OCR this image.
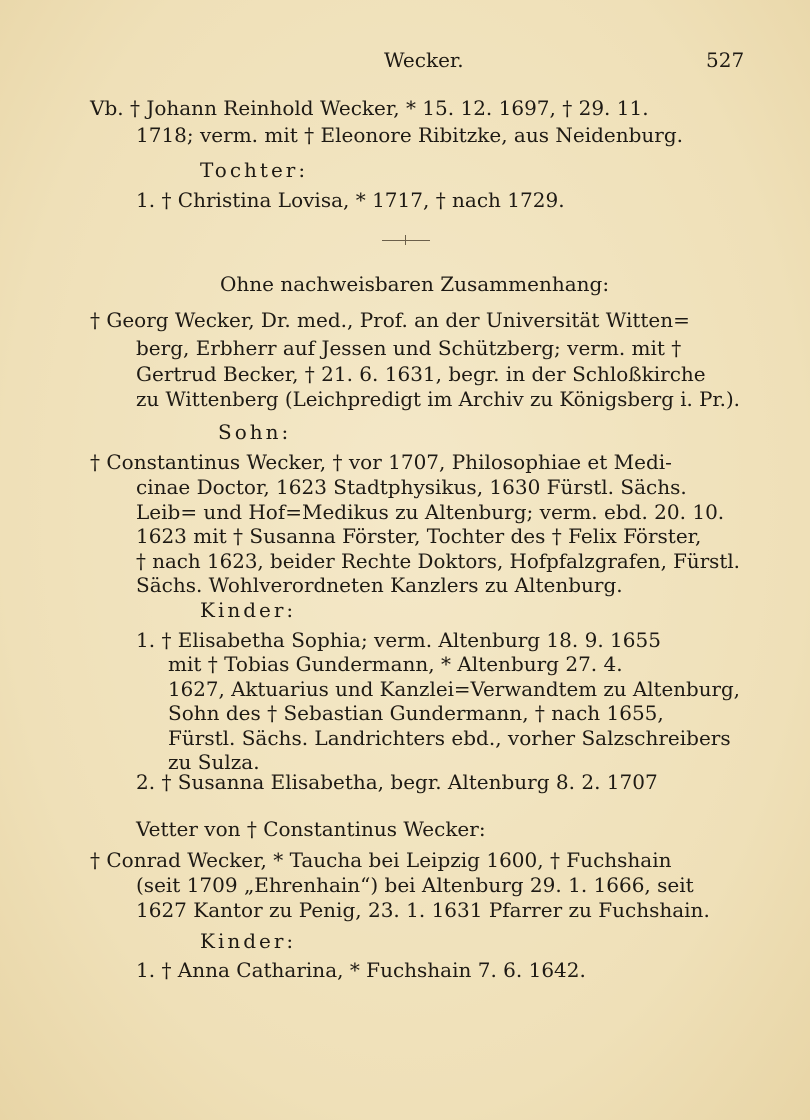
Wecker.	527
Vb. † Johann Reinhold Wecker, * 15. 12. 1697, † 29. 11.
1718; verm. mit † Eleonore Ribitzke, aus Neidenburg.
Tochter:
1. † Christina Lovisa, * 1717, † nach 1729.
Ohne nachweisbaren Zusammenhang:
† Georg Wecker, Dr. med., Prof. an der Universität Witten=
berg, Erbherr auf Jessen und Schützberg; verm. mit †
Gertrud Becker, † 21. 6. 1631, begr. in der Schloßkirche
zu Wittenberg (Leichpredigt im Archiv zu Königsberg i. Pr.).
Sohn:
† Constantinus Wecker, † vor 1707, Philosophiae et Medi-
cinae Doctor, 1623 Stadtphysikus, 1630 Fürstl. Sächs.
Leib= und Hof=Medikus zu Altenburg; verm. ebd. 20. 10.
1623 mit † Susanna Förster, Tochter des † Felix Förster,
† nach 1623, beider Rechte Doktors, Hofpfalzgrafen, Fürstl.
Sächs. Wohlverordneten Kanzlers zu Altenburg.
Kinder:
1. † Elisabetha Sophia; verm. Altenburg 18. 9. 1655
mit † Tobias Gundermann, * Altenburg 27. 4.
1627, Aktuarius und Kanzlei=Verwandtem zu Altenburg,
Sohn des † Sebastian Gundermann, † nach 1655,
Fürstl. Sächs. Landrichters ebd., vorher Salzschreibers
zu Sulza.
2. † Susanna Elisabetha, begr. Altenburg 8. 2. 1707
Vetter von † Constantinus Wecker:
† Conrad Wecker, * Taucha bei Leipzig 1600, † Fuchshain
(seit 1709 „Ehrenhain“) bei Altenburg 29. 1. 1666, seit
1627 Kantor zu Penig, 23. 1. 1631 Pfarrer zu Fuchshain.
Kinder:
1. † Anna Catharina, * Fuchshain 7. 6. 1642.
